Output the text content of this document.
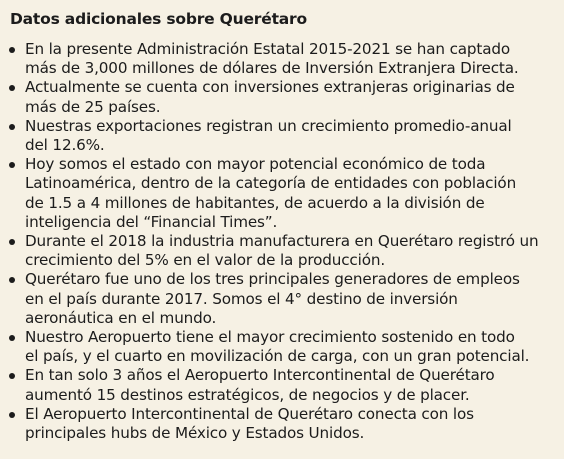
Datos adicionales sobre Querétaro
En la presente Administración Estatal 2015-2021 se han captado
más de 3,000 millones de dólares de Inversión Extranjera Directa.
Actualmente se cuenta con inversiones extranjeras originarias de
más de 25 países.
Nuestras exportaciones registran un crecimiento promedio-anual
del 12.6%.
Hoy somos el estado con mayor potencial económico de toda
Latinoamérica, dentro de la categoría de entidades con población
de 1.5 a 4 millones de habitantes, de acuerdo a la división de
inteligencia del “Financial Times”.
Durante el 2018 la industria manufacturera en Querétaro registró un
crecimiento del 5% en el valor de la producción.
Querétaro fue uno de los tres principales generadores de empleos
en el país durante 2017. Somos el 4° destino de inversión
aeronáutica en el mundo.
Nuestro Aeropuerto tiene el mayor crecimiento sostenido en todo
el país, y el cuarto en movilización de carga, con un gran potencial.
En tan solo 3 años el Aeropuerto Intercontinental de Querétaro
aumentó 15 destinos estratégicos, de negocios y de placer.
El Aeropuerto Intercontinental de Querétaro conecta con los
principales hubs de México y Estados Unidos.
